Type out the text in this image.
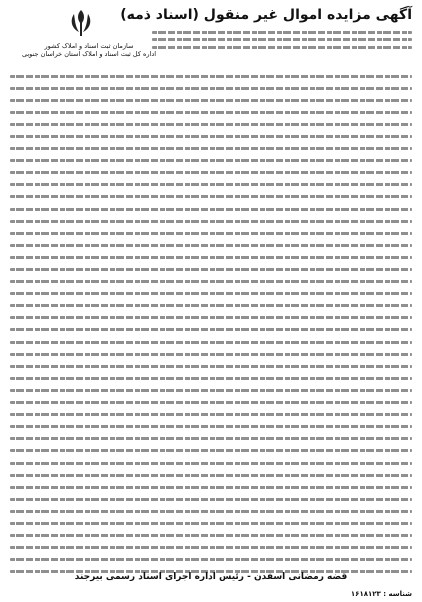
آگهی مزایده اموال غیر منقول (اسناد ذمه)
سازمان ثبت اسناد و املاک کشور
اداره کل ثبت اسناد و املاک استان خراسان جنوبی
قضه رمضانی اسفدن - رئیس اداره اجرای اسناد رسمی بیرجند
شناسه : ۱۶۱۸۱۲۳
